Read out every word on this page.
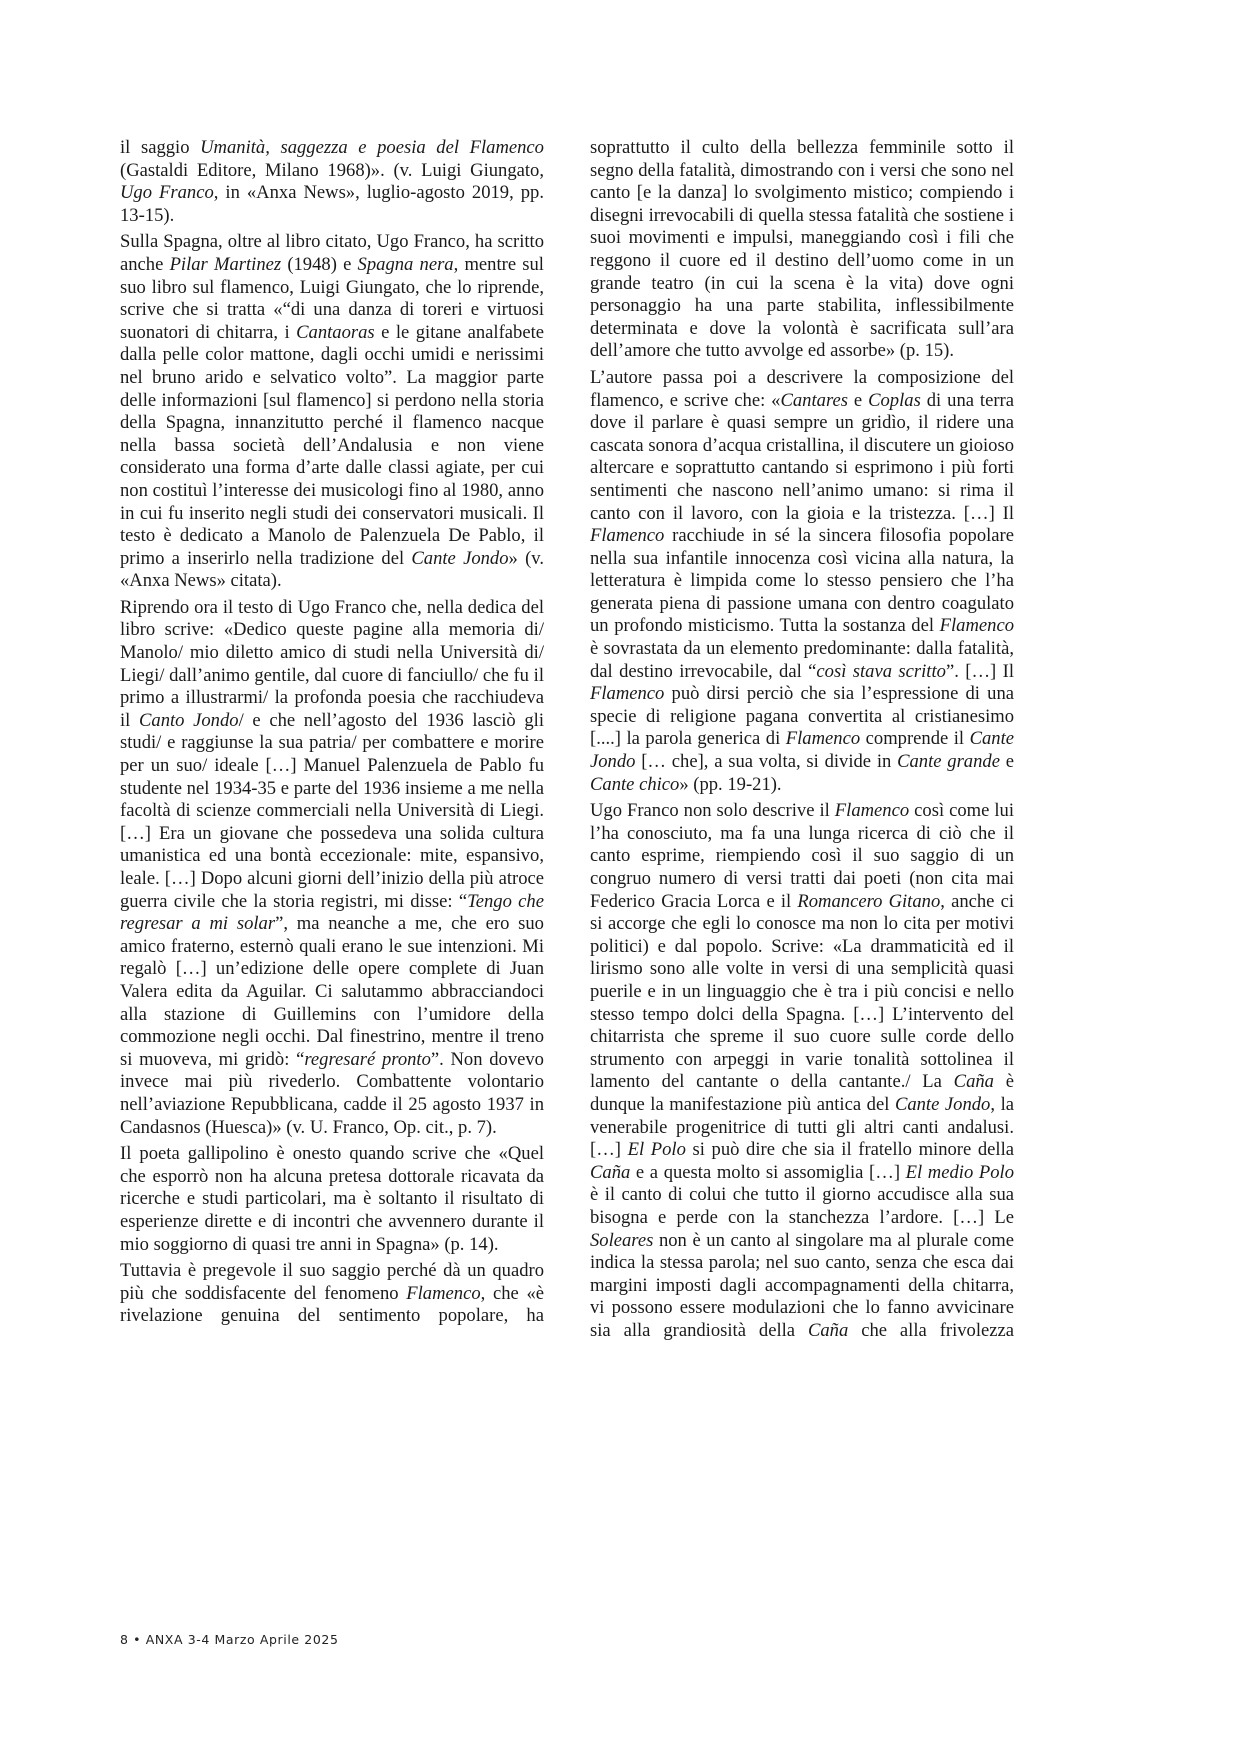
il saggio Umanità, saggezza e poesia del Flamenco (Gastaldi Editore, Milano 1968)». (v. Luigi Giungato, Ugo Franco, in «Anxa News», luglio-agosto 2019, pp. 13-15).

Sulla Spagna, oltre al libro citato, Ugo Franco, ha scritto anche Pilar Martinez (1948) e Spagna nera, mentre sul suo libro sul flamenco, Luigi Giungato, che lo riprende, scrive che si tratta «“di una danza di toreri e virtuosi suonatori di chitarra, i Cantaoras e le gitane analfabete dalla pelle color mattone, dagli occhi umidi e nerissimi nel bruno arido e selvatico volto”. La maggior parte delle informazioni [sul flamenco] si perdono nella storia della Spagna, innanzitutto perché il flamenco nacque nella bassa società dell’Andalusia e non viene considerato una forma d’arte dalle classi agiate, per cui non costituì l’interesse dei musicologi fino al 1980, anno in cui fu inserito negli studi dei conservatori musicali. Il testo è dedicato a Manolo de Palenzuela De Pablo, il primo a inserirlo nella tradizione del Cante Jondo» (v. «Anxa News» citata).

Riprendo ora il testo di Ugo Franco che, nella dedica del libro scrive: «Dedico queste pagine alla memoria di/ Manolo/ mio diletto amico di studi nella Università di/ Liegi/ dall’animo gentile, dal cuore di fanciullo/ che fu il primo a illustrarmi/ la profonda poesia che racchiudeva il Canto Jondo/ e che nell’agosto del 1936 lasciò gli studi/ e raggiunse la sua patria/ per combattere e morire per un suo/ ideale […] Manuel Palenzuela de Pablo fu studente nel 1934-35 e parte del 1936 insieme a me nella facoltà di scienze commerciali nella Università di Liegi. […] Era un giovane che possedeva una solida cultura umanistica ed una bontà eccezionale: mite, espansivo, leale. […] Dopo alcuni giorni dell’inizio della più atroce guerra civile che la storia registri, mi disse: “Tengo che regresar a mi solar”, ma neanche a me, che ero suo amico fraterno, esternò quali erano le sue intenzioni. Mi regalò […] un’edizione delle opere complete di Juan Valera edita da Aguilar. Ci salutammo abbracciandoci alla stazione di Guillemins con l’umidore della commozione negli occhi. Dal finestrino, mentre il treno si muoveva, mi gridò: “regresaré pronto”. Non dovevo invece mai più rivederlo. Combattente volontario nell’aviazione Repubblicana, cadde il 25 agosto 1937 in Candasnos (Huesca)» (v. U. Franco, Op. cit., p. 7).

Il poeta gallipolino è onesto quando scrive che «Quel che esporrò non ha alcuna pretesa dottorale ricavata da ricerche e studi particolari, ma è soltanto il risultato di esperienze dirette e di incontri che avvennero durante il mio soggiorno di quasi tre anni in Spagna» (p. 14).

Tuttavia è pregevole il suo saggio perché dà un quadro più che soddisfacente del fenomeno Flamenco, che «è rivelazione genuina del sentimento popolare, ha

soprattutto il culto della bellezza femminile sotto il segno della fatalità, dimostrando con i versi che sono nel canto [e la danza] lo svolgimento mistico; compiendo i disegni irrevocabili di quella stessa fatalità che sostiene i suoi movimenti e impulsi, maneggiando così i fili che reggono il cuore ed il destino dell’uomo come in un grande teatro (in cui la scena è la vita) dove ogni personaggio ha una parte stabilita, inflessibilmente determinata e dove la volontà è sacrificata sull’ara dell’amore che tutto avvolge ed assorbe» (p. 15).

L’autore passa poi a descrivere la composizione del flamenco, e scrive che: «Cantares e Coplas di una terra dove il parlare è quasi sempre un gridìo, il ridere una cascata sonora d’acqua cristallina, il discutere un gioioso altercare e soprattutto cantando si esprimono i più forti sentimenti che nascono nell’animo umano: si rima il canto con il lavoro, con la gioia e la tristezza. […] Il Flamenco racchiude in sé la sincera filosofia popolare nella sua infantile innocenza così vicina alla natura, la letteratura è limpida come lo stesso pensiero che l’ha generata piena di passione umana con dentro coagulato un profondo misticismo. Tutta la sostanza del Flamenco è sovrastata da un elemento predominante: dalla fatalità, dal destino irrevocabile, dal “così stava scritto”. […] Il Flamenco può dirsi perciò che sia l’espressione di una specie di religione pagana convertita al cristianesimo [....] la parola generica di Flamenco comprende il Cante Jondo [… che], a sua volta, si divide in Cante grande e Cante chico» (pp. 19-21).

Ugo Franco non solo descrive il Flamenco così come lui l’ha conosciuto, ma fa una lunga ricerca di ciò che il canto esprime, riempiendo così il suo saggio di un congruo numero di versi tratti dai poeti (non cita mai Federico Gracia Lorca e il Romancero Gitano, anche ci si accorge che egli lo conosce ma non lo cita per motivi politici) e dal popolo. Scrive: «La drammaticità ed il lirismo sono alle volte in versi di una semplicità quasi puerile e in un linguaggio che è tra i più concisi e nello stesso tempo dolci della Spagna. […] L’intervento del chitarrista che spreme il suo cuore sulle corde dello strumento con arpeggi in varie tonalità sottolinea il lamento del cantante o della cantante./ La Caña è dunque la manifestazione più antica del Cante Jondo, la venerabile progenitrice di tutti gli altri canti andalusi. […] El Polo si può dire che sia il fratello minore della Caña e a questa molto si assomiglia […] El medio Polo è il canto di colui che tutto il giorno accudisce alla sua bisogna e perde con la stanchezza l’ardore. […] Le Soleares non è un canto al singolare ma al plurale come indica la stessa parola; nel suo canto, senza che esca dai margini imposti dagli accompagnamenti della chitarra, vi possono essere modulazioni che lo fanno avvicinare sia alla grandiosità della Caña che alla frivolezza

8 • ANXA 3-4 Marzo Aprile 2025
